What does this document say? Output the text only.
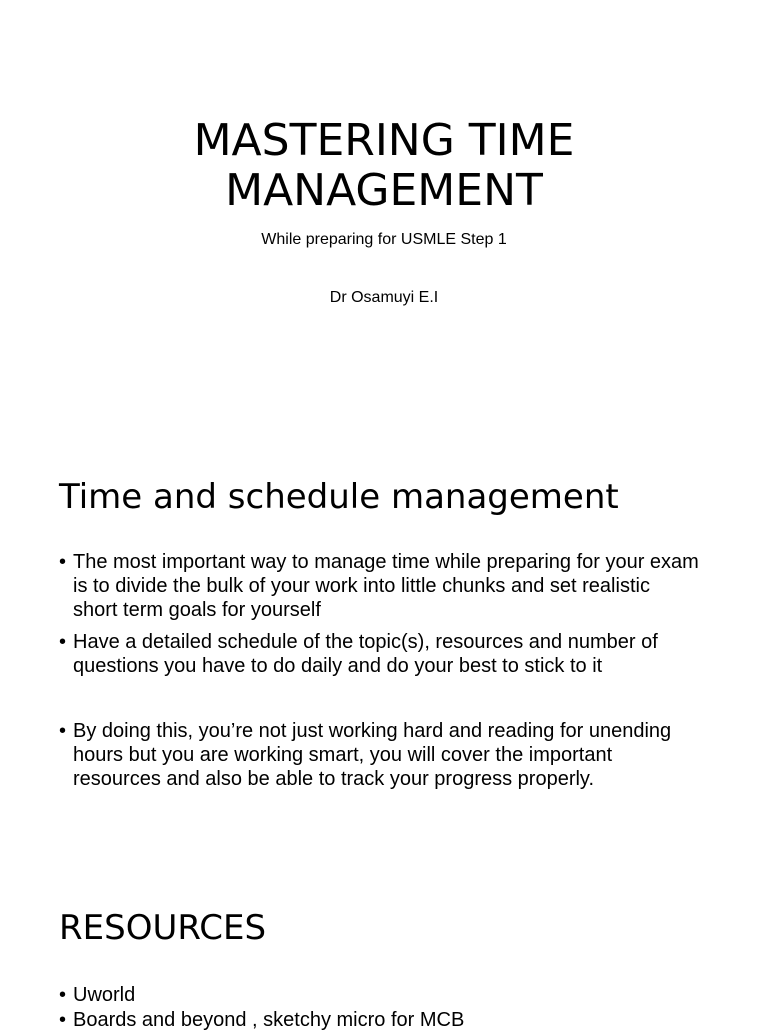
MASTERING TIME
MANAGEMENT

While preparing for USMLE Step 1

Dr Osamuyi E.I

Time and schedule management
• The most important way to manage time while preparing for your exam is to divide the bulk of your work into little chunks and set realistic short term goals for yourself
• Have a detailed schedule of the topic(s), resources and number of questions you have to do daily and do your best to stick to it
• By doing this, you’re not just working hard and reading for unending hours but you are working smart, you will cover the important resources and also be able to track your progress properly.
RESOURCES
• Uworld
• Boards and beyond , sketchy micro for MCB
